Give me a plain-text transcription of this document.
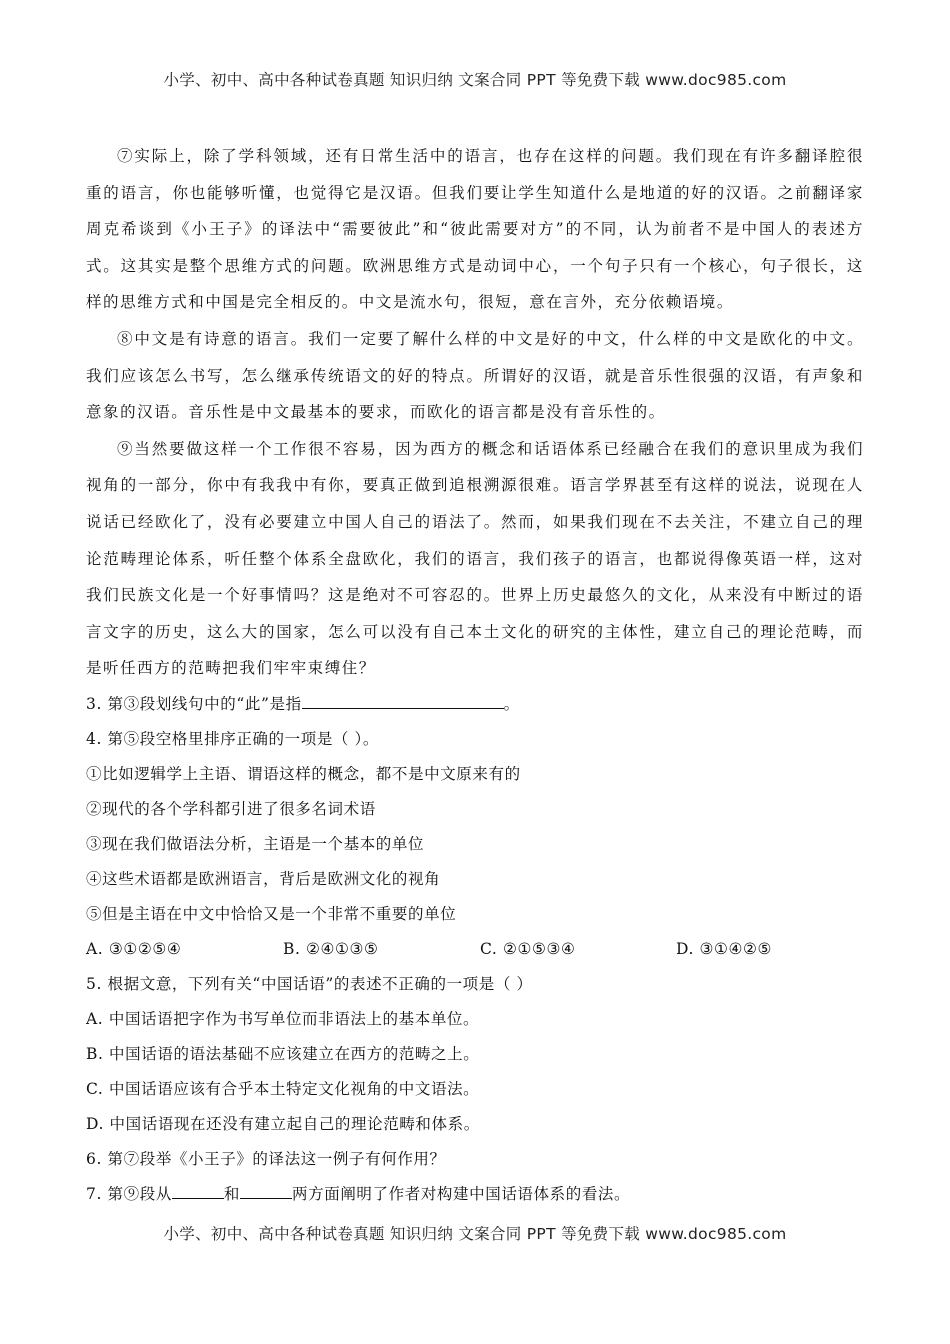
小学、初中、高中各种试卷真题 知识归纳 文案合同 PPT 等免费下载 www.doc985.com

⑦实际上，除了学科领域，还有日常生活中的语言，也存在这样的问题。我们现在有许多翻译腔很重的语言，你也能够听懂，也觉得它是汉语。但我们要让学生知道什么是地道的好的汉语。之前翻译家周克希谈到《小王子》的译法中“需要彼此”和“彼此需要对方”的不同，认为前者不是中国人的表述方式。这其实是整个思维方式的问题。欧洲思维方式是动词中心，一个句子只有一个核心，句子很长，这样的思维方式和中国是完全相反的。中文是流水句，很短，意在言外，充分依赖语境。

⑧中文是有诗意的语言。我们一定要了解什么样的中文是好的中文，什么样的中文是欧化的中文。我们应该怎么书写，怎么继承传统语文的好的特点。所谓好的汉语，就是音乐性很强的汉语，有声象和意象的汉语。音乐性是中文最基本的要求，而欧化的语言都是没有音乐性的。

⑨当然要做这样一个工作很不容易，因为西方的概念和话语体系已经融合在我们的意识里成为我们视角的一部分，你中有我我中有你，要真正做到追根溯源很难。语言学界甚至有这样的说法，说现在人说话已经欧化了，没有必要建立中国人自己的语法了。然而，如果我们现在不去关注，不建立自己的理论范畴理论体系，听任整个体系全盘欧化，我们的语言，我们孩子的语言，也都说得像英语一样，这对我们民族文化是一个好事情吗？这是绝对不可容忍的。世界上历史最悠久的文化，从来没有中断过的语言文字的历史，这么大的国家，怎么可以没有自己本土文化的研究的主体性，建立自己的理论范畴，而是听任西方的范畴把我们牢牢束缚住？

3. 第③段划线句中的“此”是指	。

4. 第⑤段空格里排序正确的一项是（ ）。

①比如逻辑学上主语、谓语这样的概念，都不是中文原来有的

②现代的各个学科都引进了很多名词术语

③现在我们做语法分析，主语是一个基本的单位

④这些术语都是欧洲语言，背后是欧洲文化的视角

⑤但是主语在中文中恰恰又是一个非常不重要的单位

A. ③①②⑤④	B. ②④①③⑤	C. ②①⑤③④	D. ③①④②⑤

5. 根据文意，下列有关“中国话语”的表述不正确的一项是（ ）

A. 中国话语把字作为书写单位而非语法上的基本单位。

B. 中国话语的语法基础不应该建立在西方的范畴之上。

C. 中国话语应该有合乎本土特定文化视角的中文语法。

D. 中国话语现在还没有建立起自己的理论范畴和体系。

6. 第⑦段举《小王子》的译法这一例子有何作用？

7. 第⑨段从	和	两方面阐明了作者对构建中国话语体系的看法。

小学、初中、高中各种试卷真题 知识归纳 文案合同 PPT 等免费下载 www.doc985.com
